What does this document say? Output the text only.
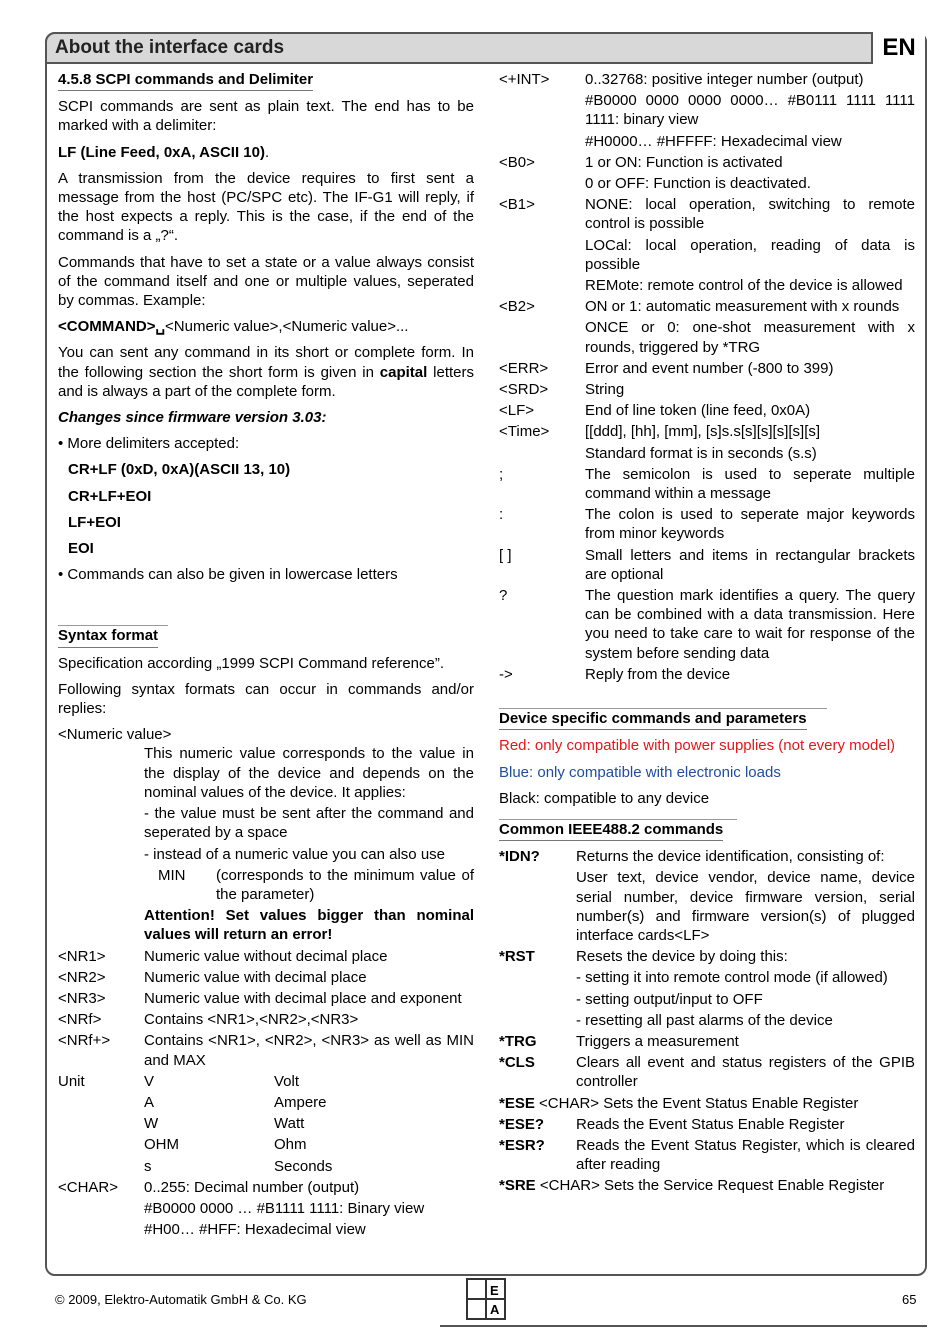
About the interface cards	EN
4.5.8 SCPI commands and Delimiter

SCPI commands are sent as plain text. The end has to be marked with a delimiter:

LF (Line Feed, 0xA, ASCII 10).

A transmission from the device requires to first sent a message from the host (PC/SPC etc). The IF-G1 will reply, if the host expects a reply. This is the case, if the end of the command is a „?“.

Commands that have to set a state or a value always consist of the command itself and one or multiple values, seperated by commas. Example:

<COMMAND>␣<Numeric value>,<Numeric value>...

You can sent any command in its short or complete form. In the following section the short form is given in capital letters and is always a part of the complete form.

Changes since firmware version 3.03:

• More delimiters accepted:

CR+LF (0xD, 0xA)(ASCII 13, 10)
CR+LF+EOI
LF+EOI
EOI

• Commands can also be given in lowercase letters

Syntax format

Specification according „1999 SCPI Command reference”.

Following syntax formats can occur in commands and/or replies:

<Numeric value>
This numeric value corresponds to the value in the display of the device and depends on the nominal values of the device. It applies:
- the value must be sent after the command and seperated by a space
- instead of a numeric value you can also use
MIN	(corresponds to the minimum value of the parameter)
Attention! Set values bigger than nominal values will return an error!
<NR1>	Numeric value without decimal place
<NR2>	Numeric value with decimal place
<NR3>	Numeric value with decimal place and exponent
<NRf>	Contains <NR1>,<NR2>,<NR3>
<NRf+>	Contains <NR1>, <NR2>, <NR3> as well as MIN and MAX
Unit	V	Volt
A	Ampere
W	Watt
OHM	Ohm
s	Seconds
<CHAR>	0..255: Decimal number (output)
#B0000 0000 … #B1111 1111: Binary view
#H00… #HFF: Hexadecimal view
<+INT>	0..32768: positive integer number (output)
#B0000 0000 0000 0000… #B0111 1111 1111 1111: binary view
#H0000… #HFFFF: Hexadecimal view
<B0>	1 or ON: Function is activated
0 or OFF: Function is deactivated.
<B1>	NONE: local operation, switching to remote control is possible
LOCal: local operation, reading of data is possible
REMote: remote control of the device is allowed
<B2>	ON or 1: automatic measurement with x rounds
ONCE or 0: one-shot measurement with x rounds, triggered by *TRG
<ERR>	Error and event number (-800 to 399)
<SRD>	String
<LF>	End of line token (line feed, 0x0A)
<Time>	[[ddd], [hh], [mm], [s]s.s[s][s][s][s][s]
Standard format is in seconds (s.s)
;	The semicolon is used to seperate multiple command within a message
:	The colon is used to seperate major keywords from minor keywords
[ ]	Small letters and items in rectangular brackets are optional
?	The question mark identifies a query. The query can be combined with a data transmission. Here you need to take care to wait for response of the system before sending data
->	Reply from the device
Device specific commands and parameters

Red: only compatible with power supplies (not every model)

Blue: only compatible with electronic loads

Black: compatible to any device

Common IEEE488.2 commands
*IDN?	Returns the device identification, consisting of:
User text, device vendor, device name, device serial number, device firmware version, serial number(s) and firmware version(s) of plugged interface cards<LF>
*RST	Resets the device by doing this:
- setting it into remote control mode (if allowed)
- setting output/input to OFF
- resetting all past alarms of the device
*TRG	Triggers a measurement
*CLS	Clears all event and status registers of the GPIB controller
*ESE <CHAR> Sets the Event Status Enable Register
*ESE?	Reads the Event Status Enable Register
*ESR?	Reads the Event Status Register, which is cleared after reading
*SRE <CHAR> Sets the Service Request Enable Register
© 2009, Elektro-Automatik GmbH & Co. KG
E
A
65
